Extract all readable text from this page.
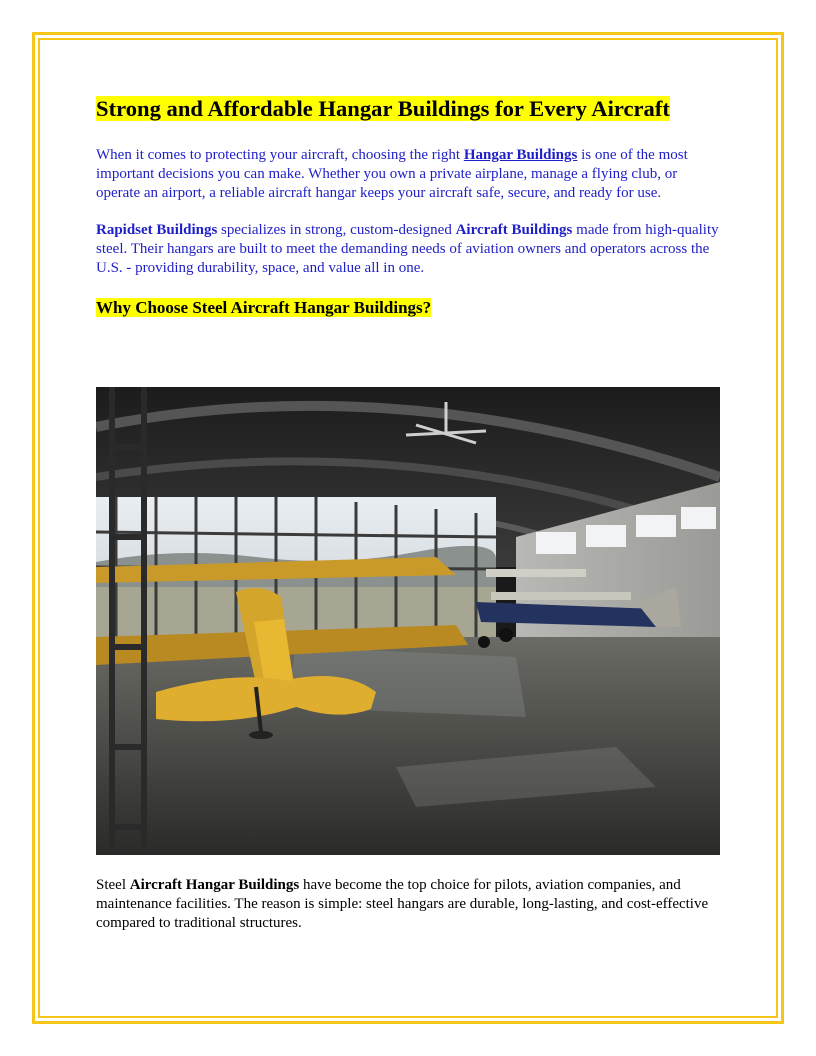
Strong and Affordable Hangar Buildings for Every Aircraft

When it comes to protecting your aircraft, choosing the right Hangar Buildings is one of the most important decisions you can make. Whether you own a private airplane, manage a flying club, or operate an airport, a reliable aircraft hangar keeps your aircraft safe, secure, and ready for use.

Rapidset Buildings specializes in strong, custom-designed Aircraft Buildings made from high-quality steel. Their hangars are built to meet the demanding needs of aviation owners and operators across the U.S. - providing durability, space, and value all in one.

Why Choose Steel Aircraft Hangar Buildings?

Steel Aircraft Hangar Buildings have become the top choice for pilots, aviation companies, and maintenance facilities. The reason is simple: steel hangars are durable, long-lasting, and cost-effective compared to traditional structures.
